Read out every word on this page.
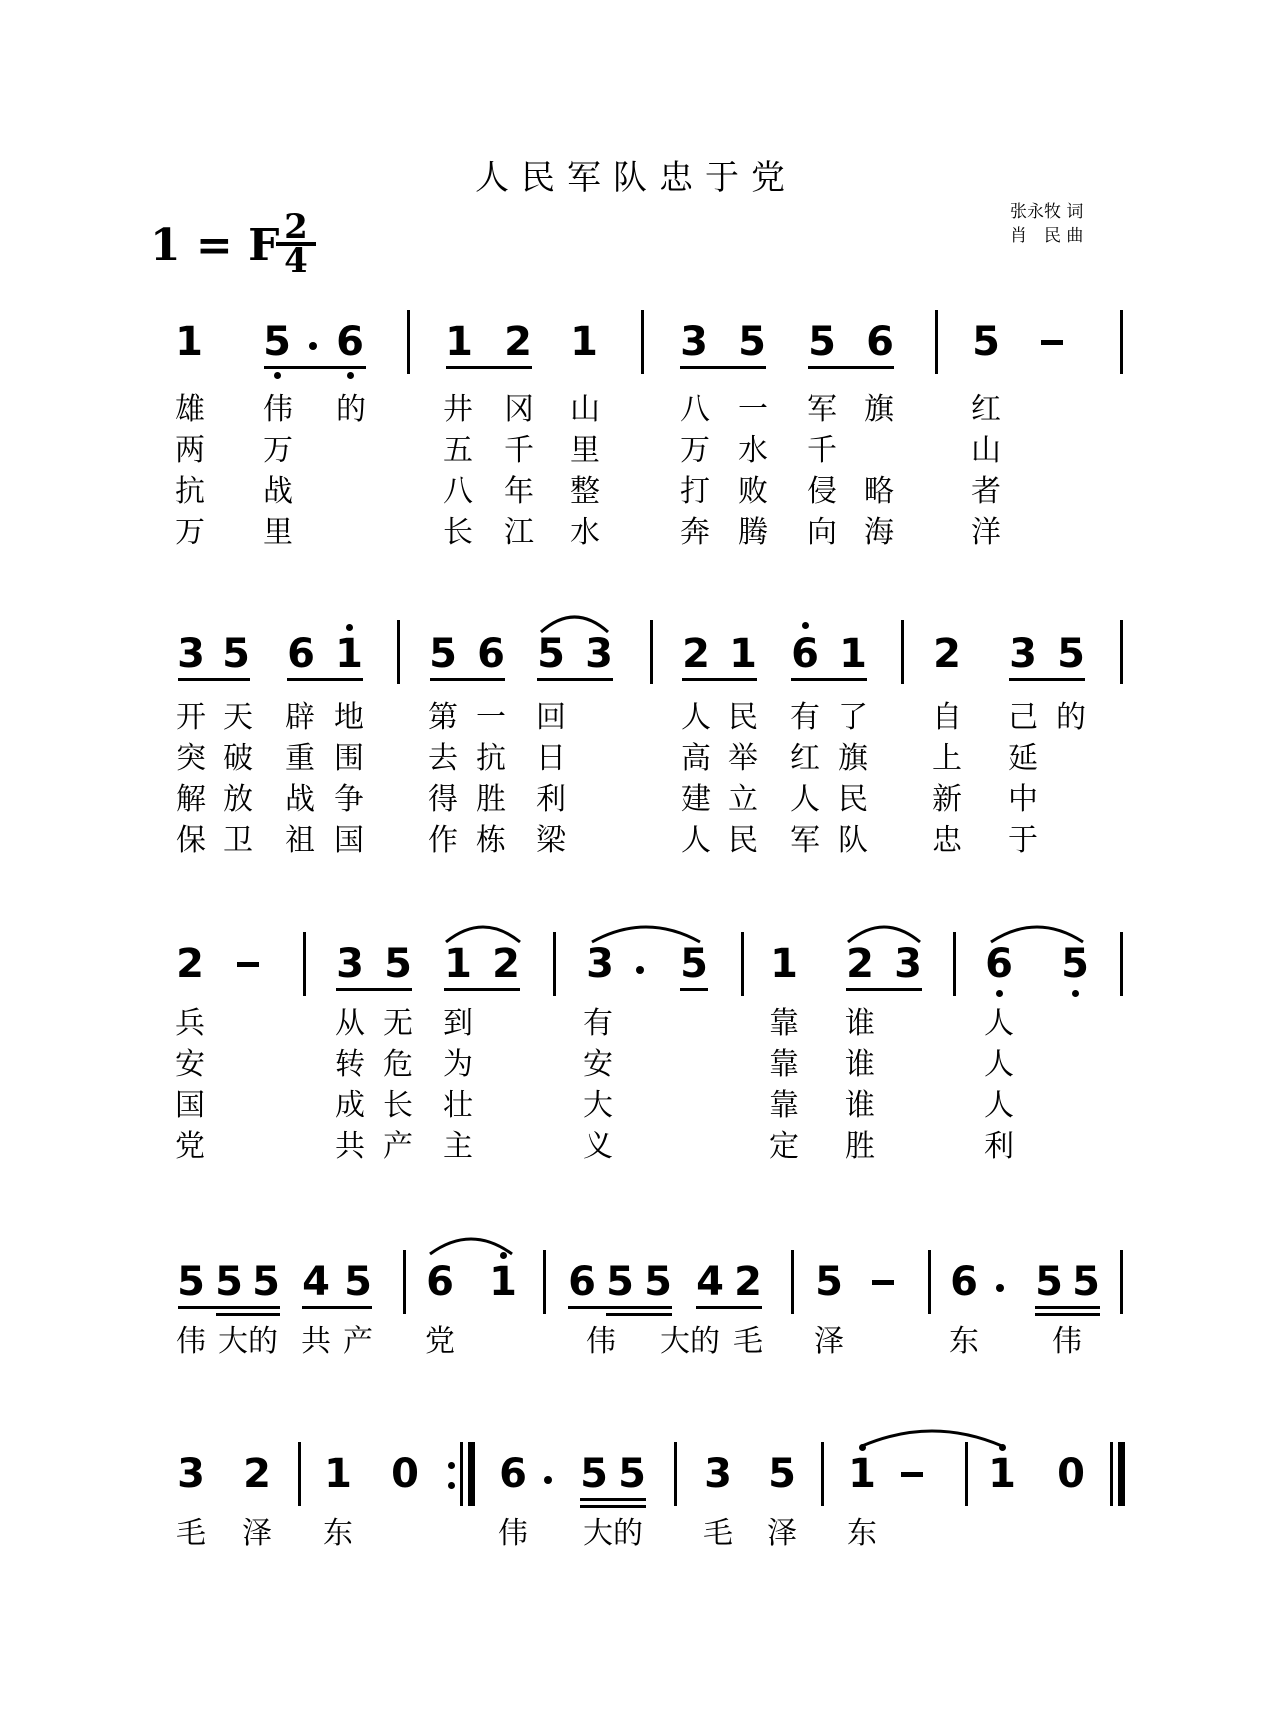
人民军队忠于党
张永牧 词
肖　民 曲
1 = F
$\frac{2}{4}$
1 5 6 1 2 1 3 5 5 6 5
雄 伟 的	井 冈 山	八 一 军 旗	红
两 万	五 千 里	万 水 千	山
抗 战	八 年 整	打 败 侵 略	者
万 里	长 江 水	奔 腾 向 海	洋
3 5 6 1 5 6 5 3 2 1 6 1 2 3 5
开 天 辟 地 第 一 回	人 民 有 了 自 己 的
突 破 重 围 去 抗 日	高 举 红 旗 上 延
解 放 战 争 得 胜 利	建 立 人 民 新 中
保 卫 祖 国 作 栋 梁	人 民 军 队 忠 于
2	3 5 1 2 3 5 1 2 3 6 5
兵	从 无 到	有	靠 谁	人
安	转 危 为	安	靠 谁	人
国	成 长 壮	大	靠 谁	人
党	共 产 主	义	定 胜	利
5 5 5 4 5 6 1 6 5 5 4 2 5	6 5 5
伟 大的 共 产 党	伟 大的 毛 泽	东 伟
3 2 1 0 6 5 5 3 5 1	1 0
毛 泽 东	伟 大的 毛 泽 东
